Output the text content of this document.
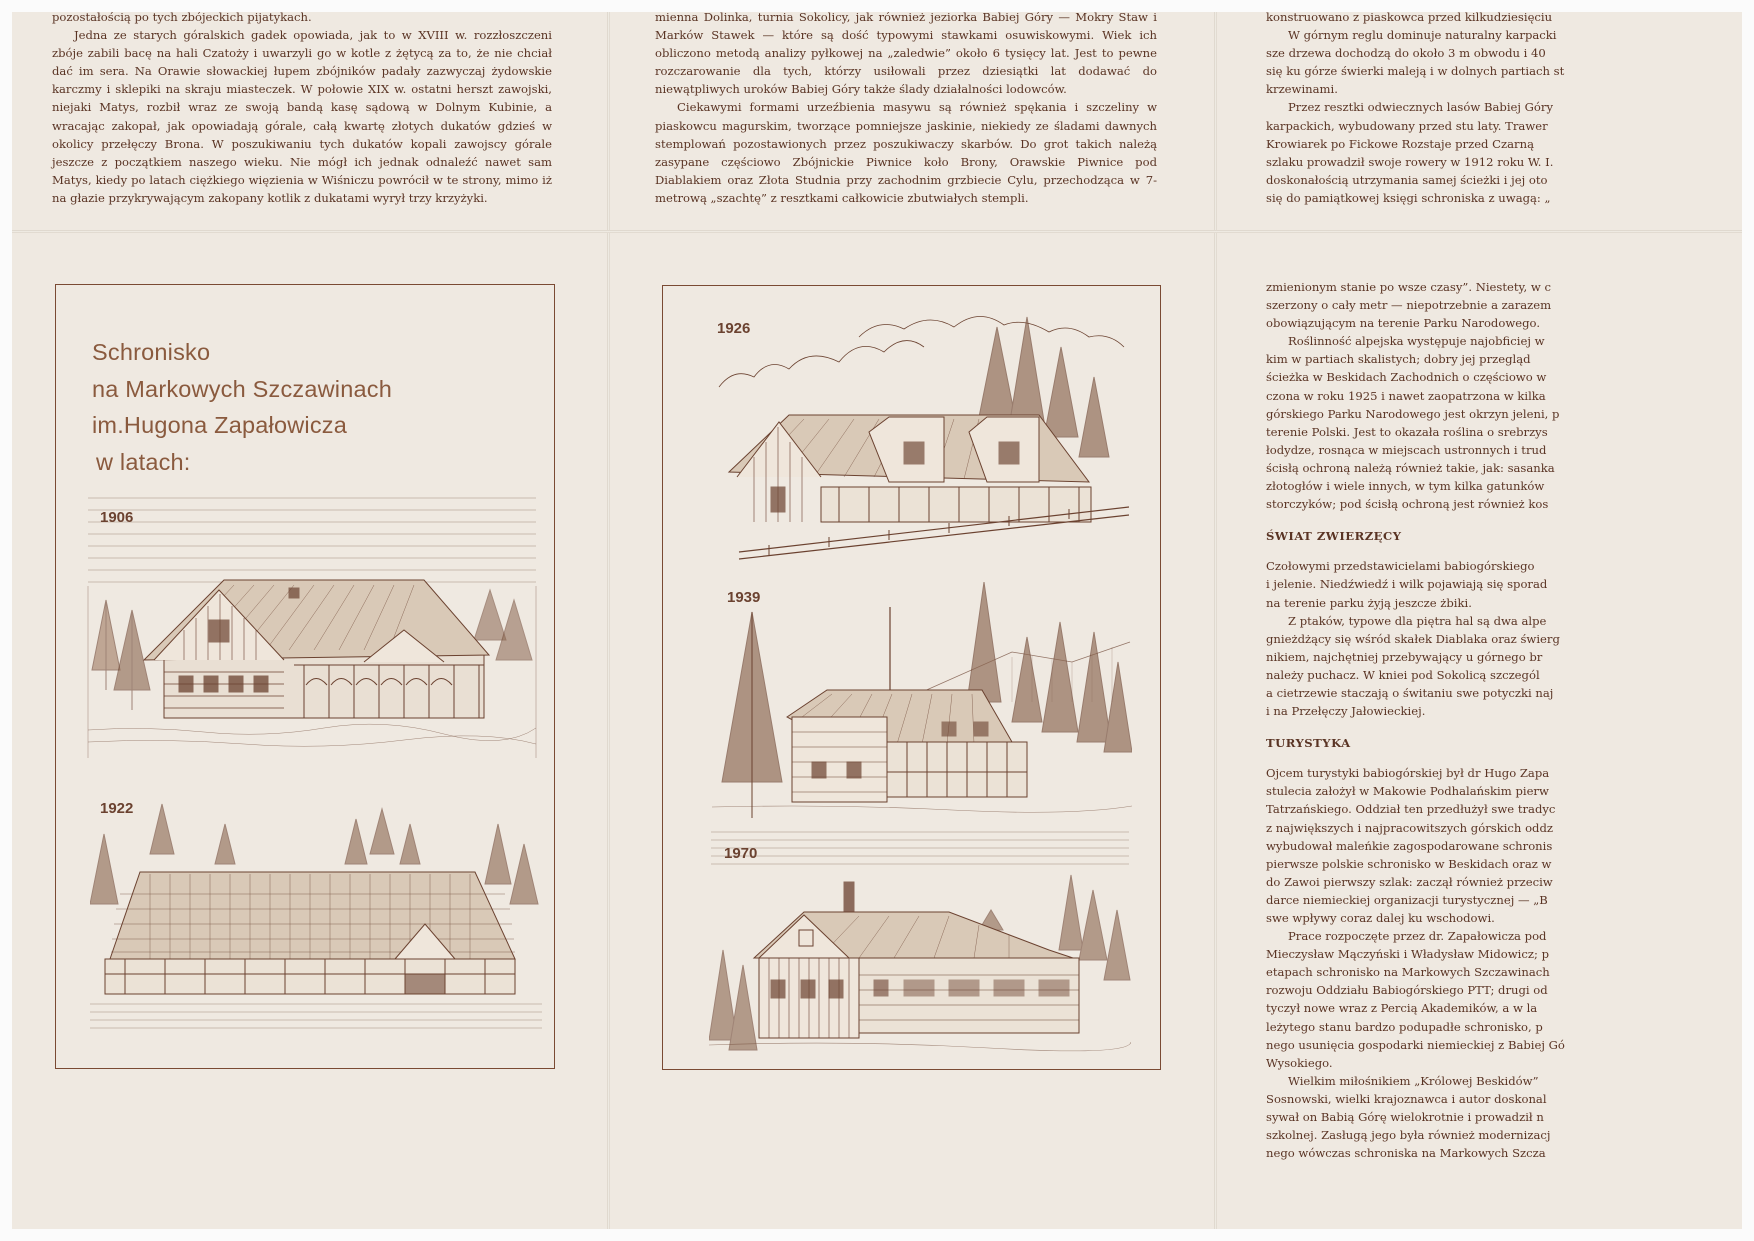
pozostałością po tych zbójeckich pijatykach.

Jedna ze starych góralskich gadek opowiada, jak to w XVIII w. rozzłoszczeni zbóje zabili bacę na hali Czatoży i uwarzyli go w kotle z żętycą za to, że nie chciał dać im sera. Na Orawie słowackiej łupem zbójników padały zazwyczaj żydowskie karczmy i sklepiki na skraju miasteczek. W połowie XIX w. ostatni herszt zawojski, niejaki Matys, rozbił wraz ze swoją bandą kasę sądową w Dolnym Kubinie, a wracając zakopał, jak opowiadają górale, całą kwartę złotych dukatów gdzieś w okolicy przełęczy Brona. W poszukiwaniu tych dukatów kopali zawojscy górale jeszcze z początkiem naszego wieku. Nie mógł ich jednak odnaleźć nawet sam Matys, kiedy po latach ciężkiego więzienia w Wiśniczu powrócił w te strony, mimo iż na głazie przykrywającym zakopany kotlik z dukatami wyrył trzy krzyżyki.

mienna Dolinka, turnia Sokolicy, jak również jeziorka Babiej Góry — Mokry Staw i Marków Stawek — które są dość typowymi stawkami osuwiskowymi. Wiek ich obliczono metodą analizy pyłkowej na „zaledwie” około 6 tysięcy lat. Jest to pewne rozczarowanie dla tych, którzy usiłowali przez dziesiątki lat dodawać do niewątpliwych uroków Babiej Góry także ślady działalności lodowców.

Ciekawymi formami urzeźbienia masywu są również spękania i szczeliny w piaskowcu magurskim, tworzące pomniejsze jaskinie, niekiedy ze śladami dawnych stemplowań pozostawionych przez poszukiwaczy skarbów. Do grot takich należą zasypane częściowo Zbójnickie Piwnice koło Brony, Orawskie Piwnice pod Diablakiem oraz Złota Studnia przy zachodnim grzbiecie Cylu, przechodząca w 7-metrową „szachtę” z resztkami całkowicie zbutwiałych stempli.

konstruowano z piaskowca przed kilkudziesięciu

W górnym reglu dominuje naturalny karpacki

sze drzewa dochodzą do około 3 m obwodu i 40

się ku górze świerki maleją i w dolnych partiach st

krzewinami.

Przez resztki odwiecznych lasów Babiej Góry

karpackich, wybudowany przed stu laty. Trawer

Krowiarek po Fickowe Rozstaje przed Czarną

szlaku prowadził swoje rowery w 1912 roku W. I.

doskonałością utrzymania samej ścieżki i jej oto

się do pamiątkowej księgi schroniska z uwagą: „

zmienionym stanie po wsze czasy”. Niestety, w c

szerzony o cały metr — niepotrzebnie a zarazem

obowiązującym na terenie Parku Narodowego.

Roślinność alpejska występuje najobficiej w

kim w partiach skalistych; dobry jej przegląd

ścieżka w Beskidach Zachodnich o częściowo w

czona w roku 1925 i nawet zaopatrzona w kilka

górskiego Parku Narodowego jest okrzyn jeleni, p

terenie Polski. Jest to okazała roślina o srebrzys

łodydze, rosnąca w miejscach ustronnych i trud

ścisłą ochroną należą również takie, jak: sasanka

złotogłów i wiele innych, w tym kilka gatunków

storczyków; pod ścisłą ochroną jest również kos

ŚWIAT ZWIERZĘCY

Czołowymi przedstawicielami babiogórskiego

i jelenie. Niedźwiedź i wilk pojawiają się sporad

na terenie parku żyją jeszcze żbiki.

Z ptaków, typowe dla piętra hal są dwa alpe

gnieżdżący się wśród skałek Diablaka oraz świerg

nikiem, najchętniej przebywający u górnego br

należy puchacz. W kniei pod Sokolicą szczegól

a cietrzewie staczają o świtaniu swe potyczki naj

i na Przełęczy Jałowieckiej.

TURYSTYKA

Ojcem turystyki babiogórskiej był dr Hugo Zapa

stulecia założył w Makowie Podhalańskim pierw

Tatrzańskiego. Oddział ten przedłużył swe tradyc

z największych i najpracowitszych górskich oddz

wybudował maleńkie zagospodarowane schronis

pierwsze polskie schronisko w Beskidach oraz w

do Zawoi pierwszy szlak: zaczął również przeciw

darce niemieckiej organizacji turystycznej — „B

swe wpływy coraz dalej ku wschodowi.

Prace rozpoczęte przez dr. Zapałowicza pod

Mieczysław Mączyński i Władysław Midowicz; p

etapach schronisko na Markowych Szczawinach

rozwoju Oddziału Babiogórskiego PTT; drugi od

tyczył nowe wraz z Percią Akademików, a w la

leżytego stanu bardzo podupadłe schronisko, p

nego usunięcia gospodarki niemieckiej z Babiej Gó

Wysokiego.

Wielkim miłośnikiem „Królowej Beskidów”

Sosnowski, wielki krajoznawca i autor doskonal

sywał on Babią Górę wielokrotnie i prowadził n

szkolnej. Zasługą jego była również modernizacj

nego wówczas schroniska na Markowych Szcza

Schronisko
na Markowych Szczawinach
im.Hugona Zapałowicza
w latach:
1906
1922
1926
1939
1970
